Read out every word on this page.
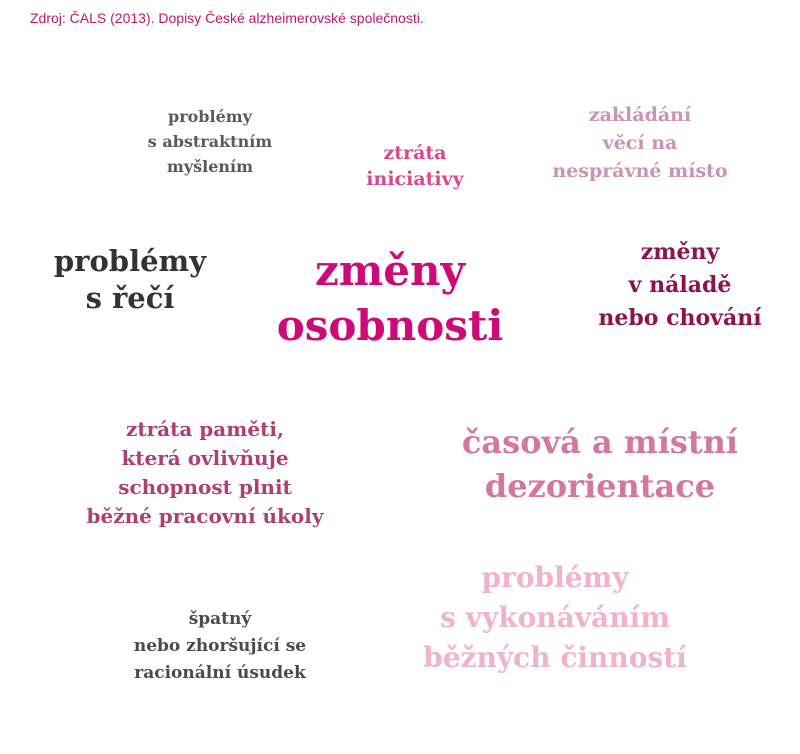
Zdroj: ČALS (2013). Dopisy České alzheimerovské společnosti.
problémy
s abstraktním
myšlením
ztráta
iniciativy
zakládání
věcí na
nesprávné místo
problémy
s řečí
změny
osobnosti
změny
v náladě
nebo chování
ztráta paměti,
která ovlivňuje
schopnost plnit
běžné pracovní úkoly
časová a místní
dezorientace
špatný
nebo zhoršující se
racionální úsudek
problémy
s vykonáváním
běžných činností
